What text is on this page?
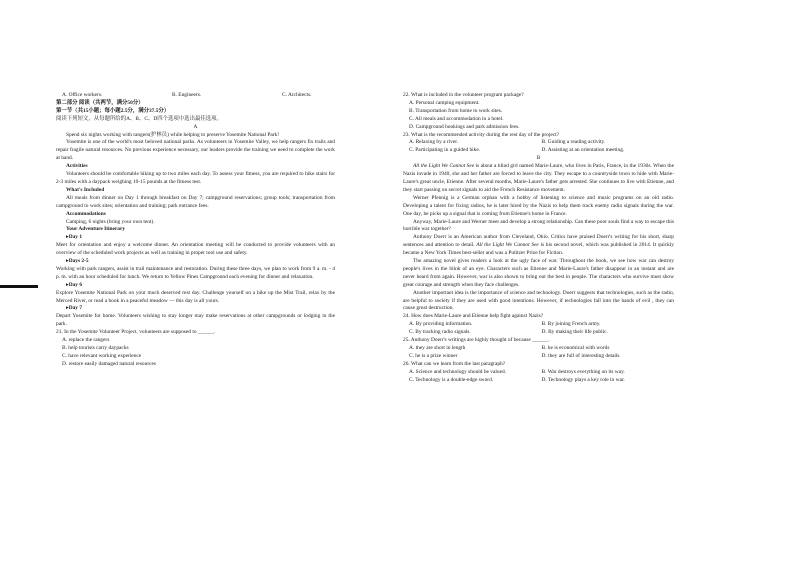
A. Office workers.	B. Engineers.	C. Architects.

第二部分 阅读（共两节，满分50分）

第一节（共15小题；每小题2.5分，满分37.5分）

阅读下列短文，从每题所给的A、B、C、D四个选项中选出最佳选项。

A

Spend six nights working with rangers(护林员) while helping to preserve Yosemite National Park!

Yosemite is one of the world's most beloved national parks. As volunteers in Yosemite Valley, we help rangers fix trails and repair fragile natural resources. No previous experience necessary, our leaders provide the training we need to complete the work at hand.

Activities

Volunteers should be comfortable hiking up to two miles each day. To assess your fitness, you are required to hike stairs for 2-3 miles with a daypack weighing 10-15 pounds at the fitness test.

What's Included

All meals from dinner on Day 1 through breakfast on Day 7; campground reservations; group tools; transportation from campground to work sites; orientation and training; park entrance fees.

Accommodations

Camping, 6 nights (bring your own tent).

Your Adventure Itinerary

▸Day 1

Meet for orientation and enjoy a welcome dinner. An orientation meeting will be conducted to provide volunteers with an overview of the scheduled work projects as well as training in proper tool use and safety.

▸Days 2-5

Working with park rangers, assist in trail maintenance and restoration. During these three days, we plan to work from 9 a. m. - 4 p. m. with an hour scheduled for lunch. We return to Yellow Pines Campground each evening for dinner and relaxation.

▸Day 6

Explore Yosemite National Park on your much deserved rest day. Challenge yourself on a hike up the Mist Trail, relax by the Merced River, or read a book in a peaceful meadow — this day is all yours.

▸Day 7

Depart Yosemite for home. Volunteers wishing to stay longer may make reservations at other campgrounds or lodging in the park.

21. In the Yosemite Volunteer Project, volunteers are supposed to ______.

A. replace the rangers

B. help tourists carry daypacks

C. have relevant working experience

D. restore easily damaged natural resources

22. What is included in the volunteer program package?

A. Personal camping equipment.

B. Transportation from home to work sites.

C. All meals and accommodation in a hotel.

D. Campground bookings and park admission fees.

23. What is the recommended activity during the rest day of the project?

A. Relaxing by a river.	B. Guiding a reading activity.
C. Participating in a guided hike.	D. Assisting at an orientation meeting.

B

All the Light We Cannot See is about a blind girl named Marie-Laure, who lives in Paris, France, in the 1930s. When the Nazis invade in 1940, she and her father are forced to leave the city. They escape to a countryside town to hide with Marie-Laure's great uncle, Etienne. After several months, Marie-Laure's father gets arrested. She continues to live with Etienne, and they start passing on secret signals to aid the French Resistance movement.

Werner Pfennig is a German orphan with a hobby of listening to science and music programs on an old radio. Developing a talent for fixing radios, he is later hired by the Nazis to help them track enemy radio signals during the war. One day, he picks up a signal that is coming from Etienne's home in France.

Anyway, Marie-Laure and Werner meet and develop a strong relationship. Can these poor souls find a way to escape this horrible war together?

Anthony Doerr is an American author from Cleveland, Ohio. Critics have praised Doerr's writing for his short, sharp sentences and attention to detail. All the Light We Cannot See is his second novel, which was published in 2014. It quickly became a New York Times best-seller and was a Pulitzer Prize for Fiction.

The amazing novel gives readers a look at the ugly face of war. Throughout the book, we see how war can destroy people's lives in the blink of an eye. Characters such as Etienne and Marie-Laure's father disappear in an instant and are never heard from again. However, war is also shown to bring out the best in people. The characters who survive must show great courage and strength when they face challenges.

Another important idea is the importance of science and technology. Doerr suggests that technologies, such as the radio, are helpful to society if they are used with good intentions. However, if technologies fall into the hands of evil , they can cause great destruction.

24. How does Marie-Laure and Etienne help fight against Nazis?

A. By providing information.	B. By joining French army.
C. By tracking radio signals.	D. By making their life public.

25. Anthony Doerr's writings are highly thought of because ______.

A. they are short in length	B. he is economical with words
C. he is a prize winner	D. they are full of interesting details

26. What can we learn from the last paragraph?

A. Science and technology should be valued.	B. War destroys everything on its way.
C. Technology is a double-edge sword.	D. Technology plays a key role in war.
